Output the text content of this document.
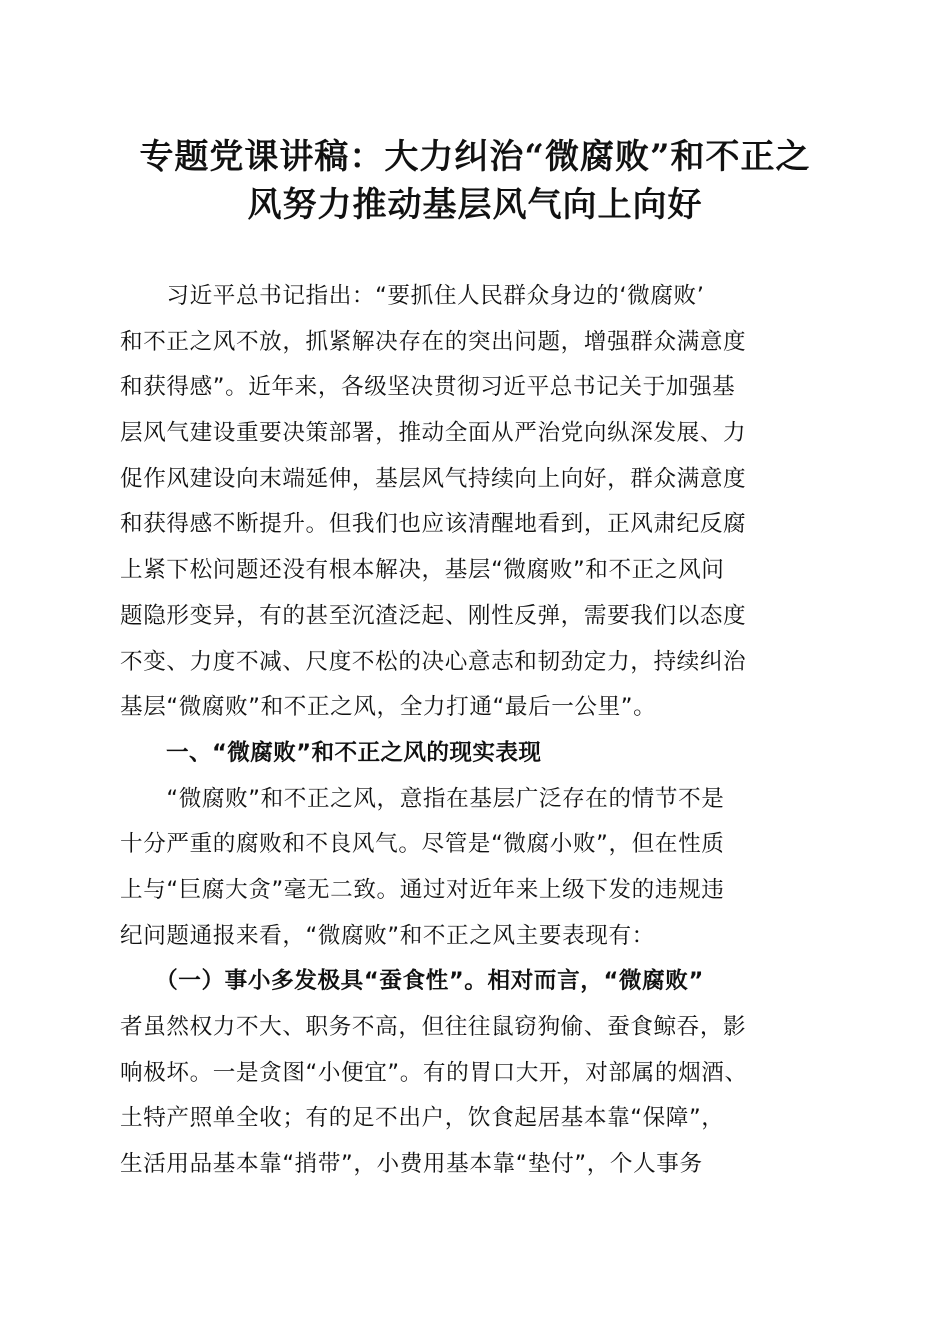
专题党课讲稿：大力纠治“微腐败”和不正之
风努力推动基层风气向上向好
　　习近平总书记指出：“要抓住人民群众身边的‘微腐败’
和不正之风不放，抓紧解决存在的突出问题，增强群众满意度
和获得感”。近年来，各级坚决贯彻习近平总书记关于加强基
层风气建设重要决策部署，推动全面从严治党向纵深发展、力
促作风建设向末端延伸，基层风气持续向上向好，群众满意度
和获得感不断提升。但我们也应该清醒地看到，正风肃纪反腐
上紧下松问题还没有根本解决，基层“微腐败”和不正之风问
题隐形变异，有的甚至沉渣泛起、刚性反弹，需要我们以态度
不变、力度不减、尺度不松的决心意志和韧劲定力，持续纠治
基层“微腐败”和不正之风，全力打通“最后一公里”。
　　一、“微腐败”和不正之风的现实表现
　　“微腐败”和不正之风，意指在基层广泛存在的情节不是
十分严重的腐败和不良风气。尽管是“微腐小败”，但在性质
上与“巨腐大贪”毫无二致。通过对近年来上级下发的违规违
纪问题通报来看，“微腐败”和不正之风主要表现有：
　　（一）事小多发极具“蚕食性”。相对而言，“微腐败”
者虽然权力不大、职务不高，但往往鼠窃狗偷、蚕食鲸吞，影
响极坏。一是贪图“小便宜”。有的胃口大开，对部属的烟酒、
土特产照单全收；有的足不出户，饮食起居基本靠“保障”，
生活用品基本靠“捎带”，小费用基本靠“垫付”，个人事务
